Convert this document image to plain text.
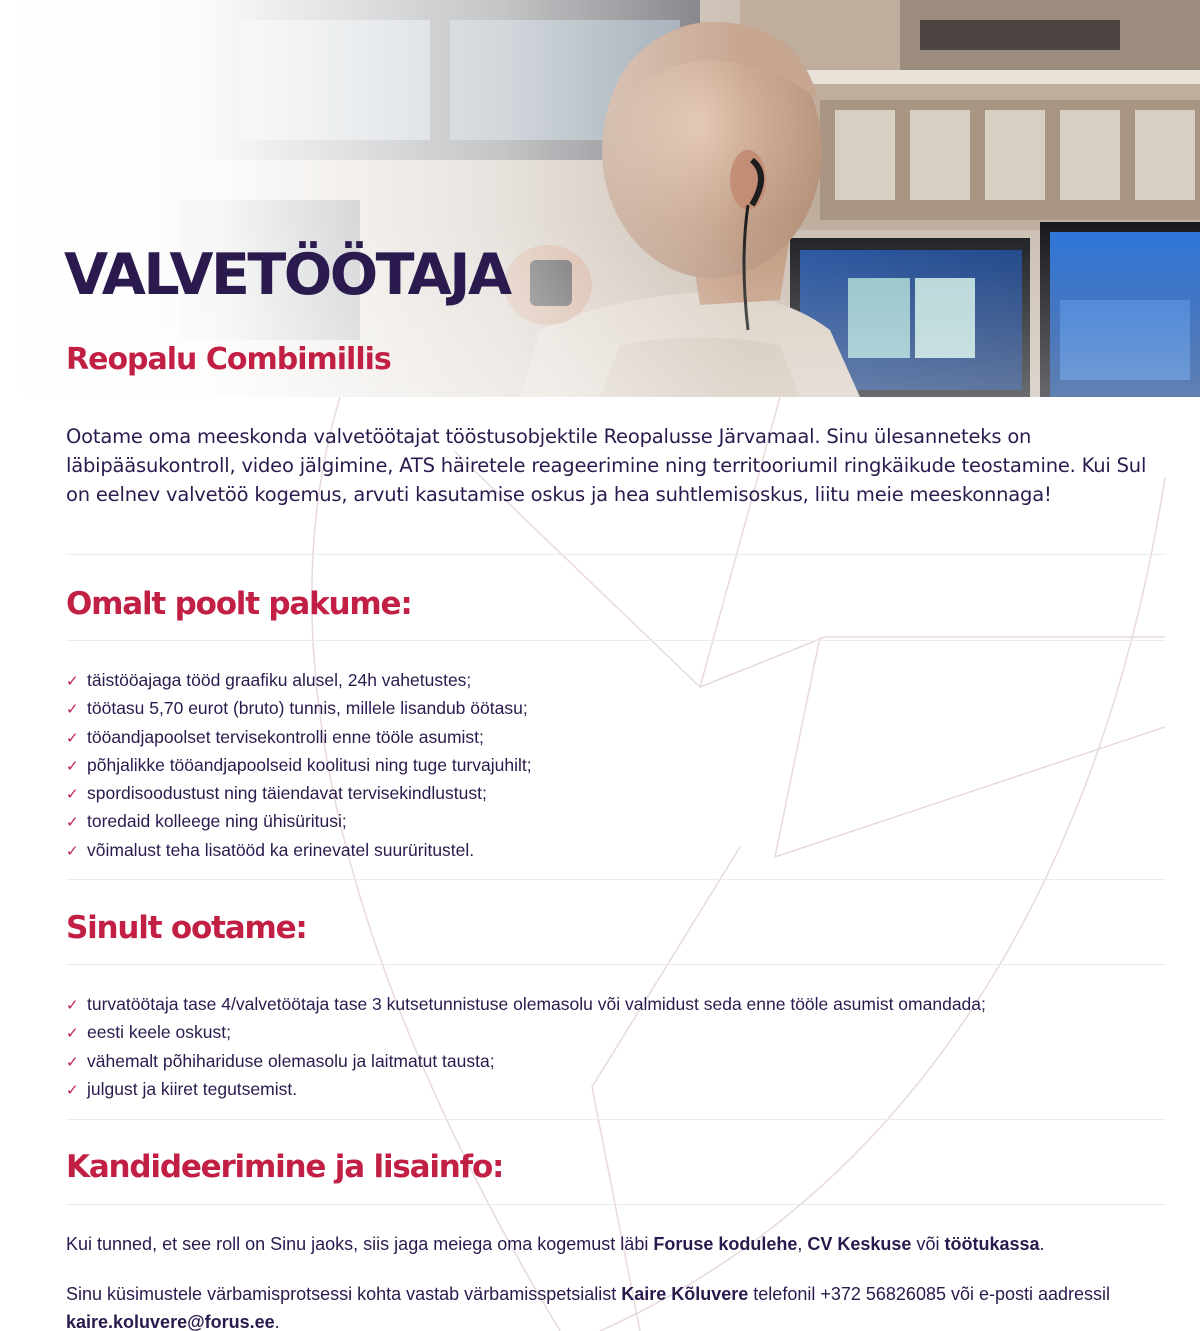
VALVETÖÖTAJA
Reopalu Combimillis

Ootame oma meeskonda valvetöötajat tööstusobjektile Reopalusse Järvamaal. Sinu ülesanneteks on läbipääsukontroll, video jälgimine, ATS häiretele reageerimine ning territooriumil ringkäikude teostamine. Kui Sul on eelnev valvetöö kogemus, arvuti kasutamise oskus ja hea suhtlemisoskus, liitu meie meeskonnaga!

Omalt poolt pakume:
✓ täistööajaga tööd graafiku alusel, 24h vahetustes;
✓ töötasu 5,70 eurot (bruto) tunnis, millele lisandub öötasu;
✓ tööandjapoolset tervisekontrolli enne tööle asumist;
✓ põhjalikke tööandjapoolseid koolitusi ning tuge turvajuhilt;
✓ spordisoodustust ning täiendavat tervisekindlustust;
✓ toredaid kolleege ning ühisüritusi;
✓ võimalust teha lisatööd ka erinevatel suurüritustel.
Sinult ootame:
✓ turvatöötaja tase 4/valvetöötaja tase 3 kutsetunnistuse olemasolu või valmidust seda enne tööle asumist omandada;
✓ eesti keele oskust;
✓ vähemalt põhihariduse olemasolu ja laitmatut tausta;
✓ julgust ja kiiret tegutsemist.
Kandideerimine ja lisainfo:

Kui tunned, et see roll on Sinu jaoks, siis jaga meiega oma kogemust läbi Foruse kodulehe, CV Keskuse või töötukassa.

Sinu küsimustele värbamisprotsessi kohta vastab värbamisspetsialist Kaire Kõluvere telefonil +372 56826085 või e-posti aadressil kaire.koluvere@forus.ee.
